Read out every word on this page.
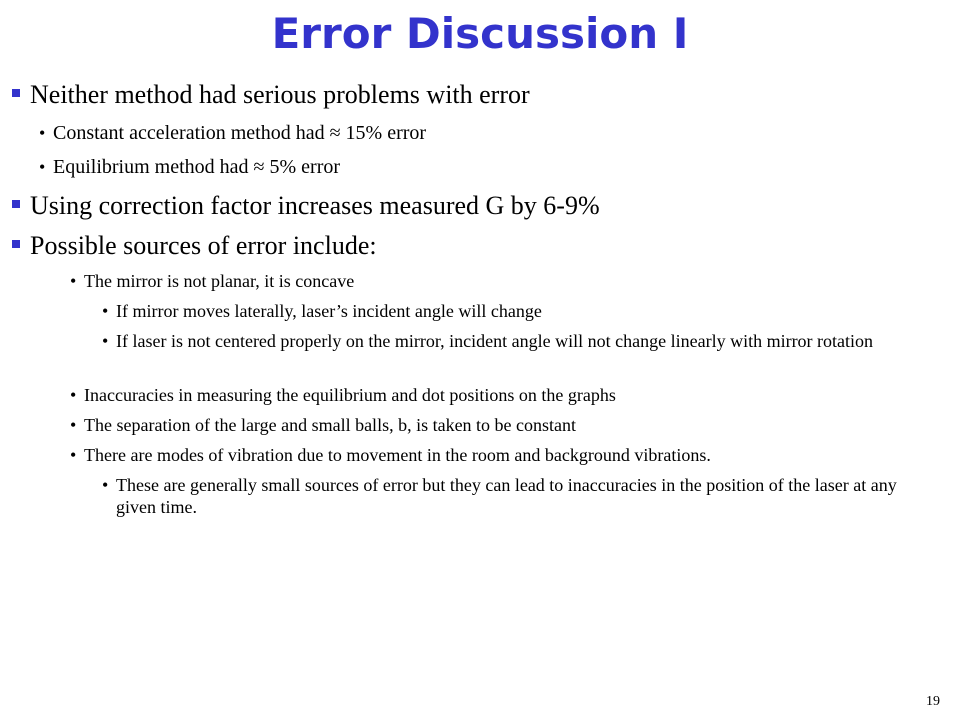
Error Discussion I
Neither method had serious problems with error
• Constant acceleration method had ≈ 15% error
• Equilibrium method had ≈ 5% error
Using correction factor increases measured G by 6-9%
Possible sources of error include:
• The mirror is not planar, it is concave
• If mirror moves laterally, laser’s incident angle will change
• If laser is not centered properly on the mirror, incident angle will not change linearly with mirror rotation
• Inaccuracies in measuring the equilibrium and dot positions on the graphs
• The separation of the large and small balls, b, is taken to be constant
• There are modes of vibration due to movement in the room and background vibrations.
• These are generally small sources of error but they can lead to inaccuracies in the position of the laser at any given time.
19
